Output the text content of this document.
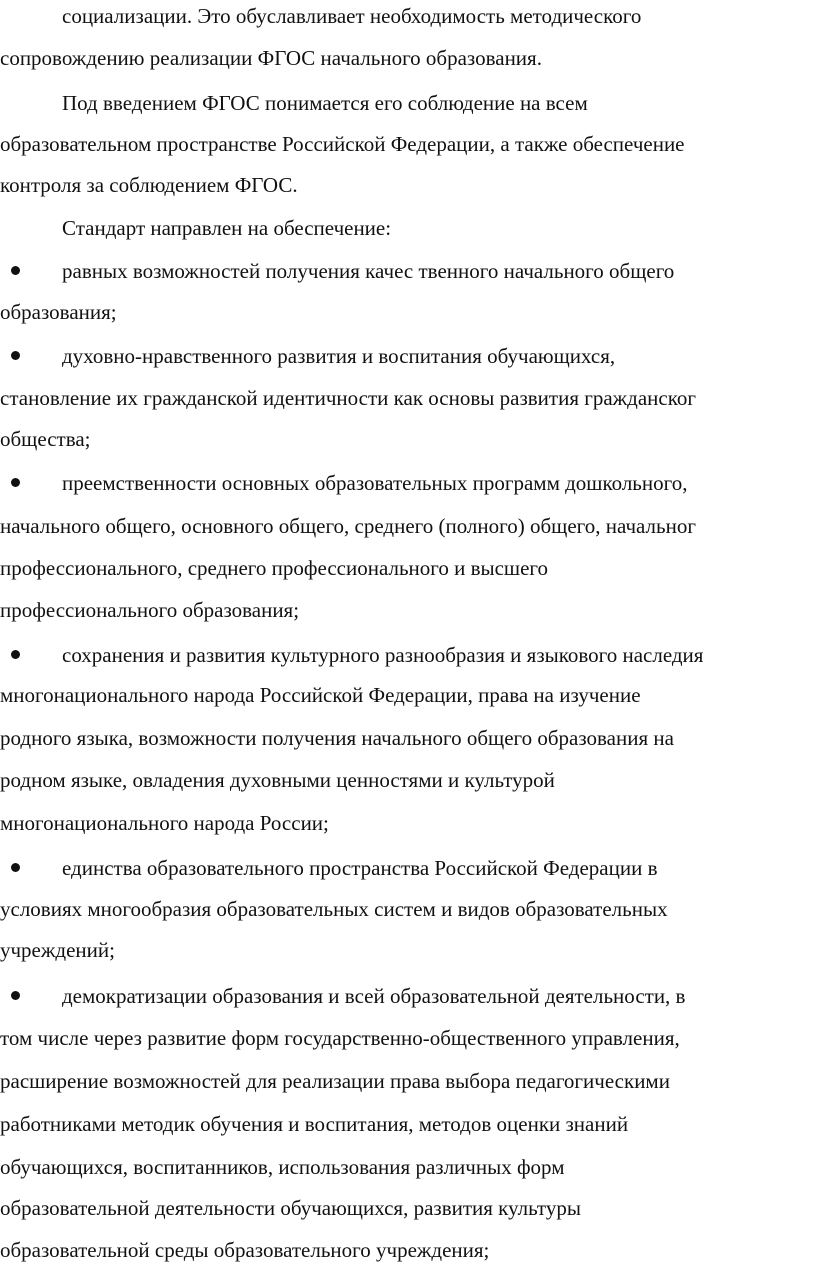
социализации. Это обуславливает необходимость методического
сопровождению реализации ФГОС начального образования.
Под введением ФГОС понимается его соблюдение на всем
образовательном пространстве Российской Федерации, а также обеспечение
контроля за соблюдением ФГОС.
Стандарт направлен на обеспечение:
равных возможностей получения качес твенного начального общего
образования;
духовно-нравственного развития и воспитания обучающихся,
становление их гражданской идентичности как основы развития гражданског
общества;
преемственности основных образовательных программ дошкольного,
начального общего, основного общего, среднего (полного) общего, начальног
профессионального, среднего профессионального и высшего
профессионального образования;
сохранения и развития культурного разнообразия и языкового наследия
многонационального народа Российской Федерации, права на изучение
родного языка, возможности получения начального общего образования на
родном языке, овладения духовными ценностями и культурой
многонационального народа России;
единства образовательного пространства Российской Федерации в
условиях многообразия образовательных систем и видов образовательных
учреждений;
демократизации образования и всей образовательной деятельности, в
том числе через развитие форм государственно-общественного управления,
расширение возможностей для реализации права выбора педагогическими
работниками методик обучения и воспитания, методов оценки знаний
обучающихся, воспитанников, использования различных форм
образовательной деятельности обучающихся, развития культуры
образовательной среды образовательного учреждения;
